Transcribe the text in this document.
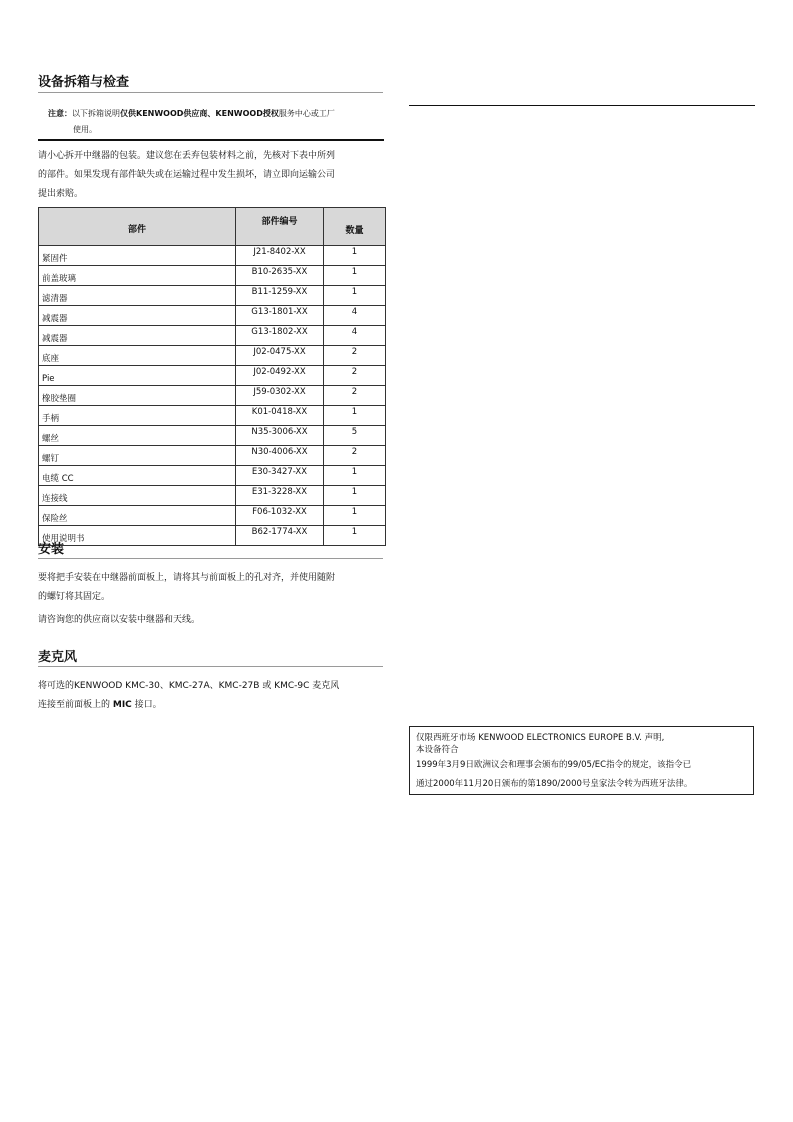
设备拆箱与检查
注意：以下拆箱说明仅供KENWOOD供应商、KENWOOD授权服务中心或工厂
使用。
请小心拆开中继器的包装。建议您在丢弃包装材料之前，先核对下表中所列
的部件。如果发现有部件缺失或在运输过程中发生损坏，请立即向运输公司
提出索赔。
部件	部件编号	数量
紧固件	J21-8402-XX	1
前盖玻璃	B10-2635-XX	1
滤清器	B11-1259-XX	1
减震器	G13-1801-XX	4
减震器	G13-1802-XX	4
底座	J02-0475-XX	2
Pie	J02-0492-XX	2
橡胶垫圈	J59-0302-XX	2
手柄	K01-0418-XX	1
螺丝	N35-3006-XX	5
螺钉	N30-4006-XX	2
电缆 CC	E30-3427-XX	1
连接线	E31-3228-XX	1
保险丝	F06-1032-XX	1
使用说明书	B62-1774-XX	1
安装
要将把手安装在中继器前面板上，请将其与前面板上的孔对齐，并使用随附
的螺钉将其固定。
请咨询您的供应商以安装中继器和天线。
麦克风
将可选的KENWOOD KMC-30、KMC-27A、KMC-27B 或 KMC-9C 麦克风
连接至前面板上的 MIC 接口。
仅限西班牙市场 KENWOOD ELECTRONICS EUROPE B.V. 声明,
本设备符合
1999年3月9日欧洲议会和理事会颁布的99/05/EC指令的规定，该指令已
通过2000年11月20日颁布的第1890/2000号皇家法令转为西班牙法律。
